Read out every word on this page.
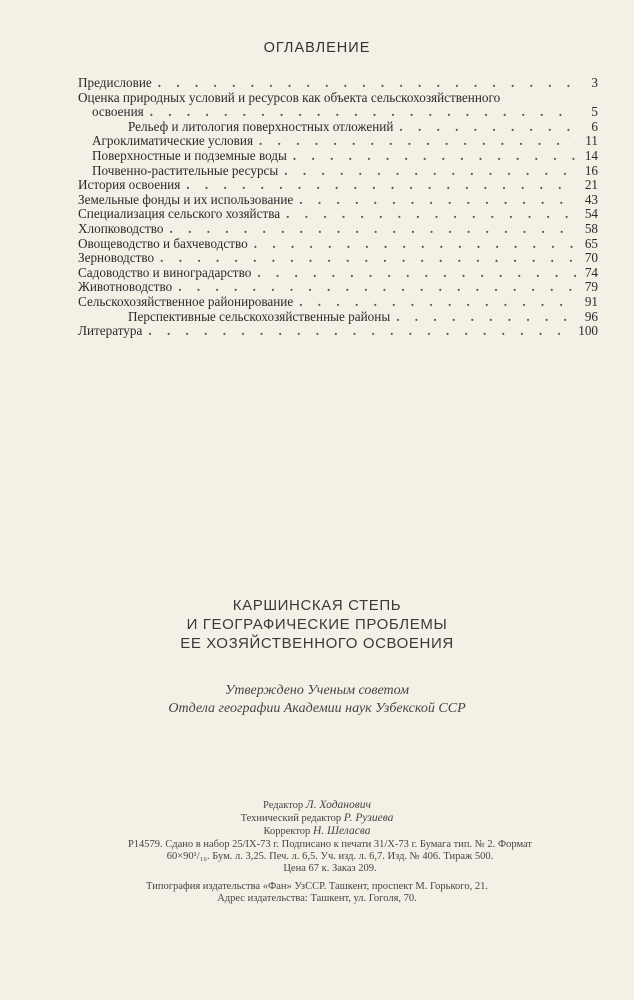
ОГЛАВЛЕНИЕ
Предисловие . . .	3
Оценка природных условий и ресурсов как объекта сельскохозяйственного
освоения . . .	5
Рельеф и литология поверхностных отложений . . .	6
Агроклиматические условия . . .	11
Поверхностные и подземные воды . . .	14
Почвенно-растительные ресурсы . . .	16
История освоения . . .	21
Земельные фонды и их использование . . .	43
Специализация сельского хозяйства . . .	54
Хлопководство . . .	58
Овощеводство и бахчеводство . . .	65
Зерноводство . . .	70
Садоводство и виноградарство . . .	74
Животноводство . . .	79
Сельскохозяйственное районирование . . .	91
Перспективные сельскохозяйственные районы . . .	96
Литература . . .	100
КАРШИНСКАЯ СТЕПЬ
И ГЕОГРАФИЧЕСКИЕ ПРОБЛЕМЫ
ЕЕ ХОЗЯЙСТВЕННОГО ОСВОЕНИЯ
Утверждено Ученым советом
Отдела географии Академии наук Узбекской ССР
Редактор Л. Ходанович
Технический редактор Р. Рузиева
Корректор Н. Шеласва
Р14579. Сдано в набор 25/IX-73 г. Подписано к печати 31/X-73 г. Бумага тип. № 2. Формат
60×90¹/₁₆. Бум. л. 3,25. Печ. л. 6,5. Уч. изд. л. 6,7. Изд. № 406. Тираж 500.
Цена 67 к. Заказ 209.
Типография издательства «Фан» УзССР. Ташкент, проспект М. Горького, 21.
Адрес издательства: Ташкент, ул. Гоголя, 70.
